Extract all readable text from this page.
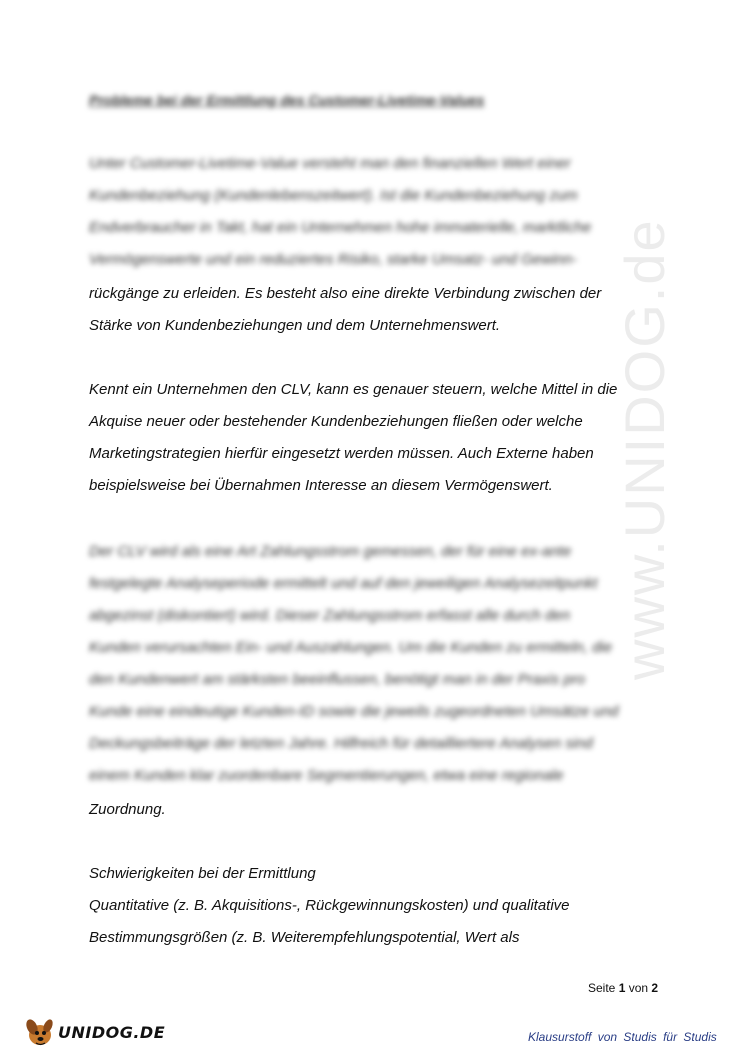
www.UNIDOG.de
Probleme bei der Ermittlung des Customer-Livetime-Values
Unter Customer-Livetime-Value versteht man den finanziellen Wert einer
Kundenbeziehung (Kundenlebenszeitwert). Ist die Kundenbeziehung zum
Endverbraucher in Takt, hat ein Unternehmen hohe immaterielle, marktliche
Vermögenswerte und ein reduziertes Risiko, starke Umsatz- und Gewinn-
rückgänge zu erleiden. Es besteht also eine direkte Verbindung zwischen der
Stärke von Kundenbeziehungen und dem Unternehmenswert.
Kennt ein Unternehmen den CLV, kann es genauer steuern, welche Mittel in die
Akquise neuer oder bestehender Kundenbeziehungen fließen oder welche
Marketingstrategien hierfür eingesetzt werden müssen. Auch Externe haben
beispielsweise bei Übernahmen Interesse an diesem Vermögenswert.
Der CLV wird als eine Art Zahlungsstrom gemessen, der für eine ex-ante
festgelegte Analyseperiode ermittelt und auf den jeweiligen Analysezeitpunkt
abgezinst (diskontiert) wird. Dieser Zahlungsstrom erfasst alle durch den
Kunden verursachten Ein- und Auszahlungen. Um die Kunden zu ermitteln, die
den Kundenwert am stärksten beeinflussen, benötigt man in der Praxis pro
Kunde eine eindeutige Kunden-ID sowie die jeweils zugeordneten Umsätze und
Deckungsbeiträge der letzten Jahre. Hilfreich für detailliertere Analysen sind
einem Kunden klar zuordenbare Segmentierungen, etwa eine regionale
Zuordnung.
Schwierigkeiten bei der Ermittlung
Quantitative (z. B. Akquisitions-, Rückgewinnungskosten) und qualitative
Bestimmungsgrößen (z. B. Weiterempfehlungspotential, Wert als
Seite 1 von 2
UNIDOG.DE	Klausurstoff von Studis für Studis
